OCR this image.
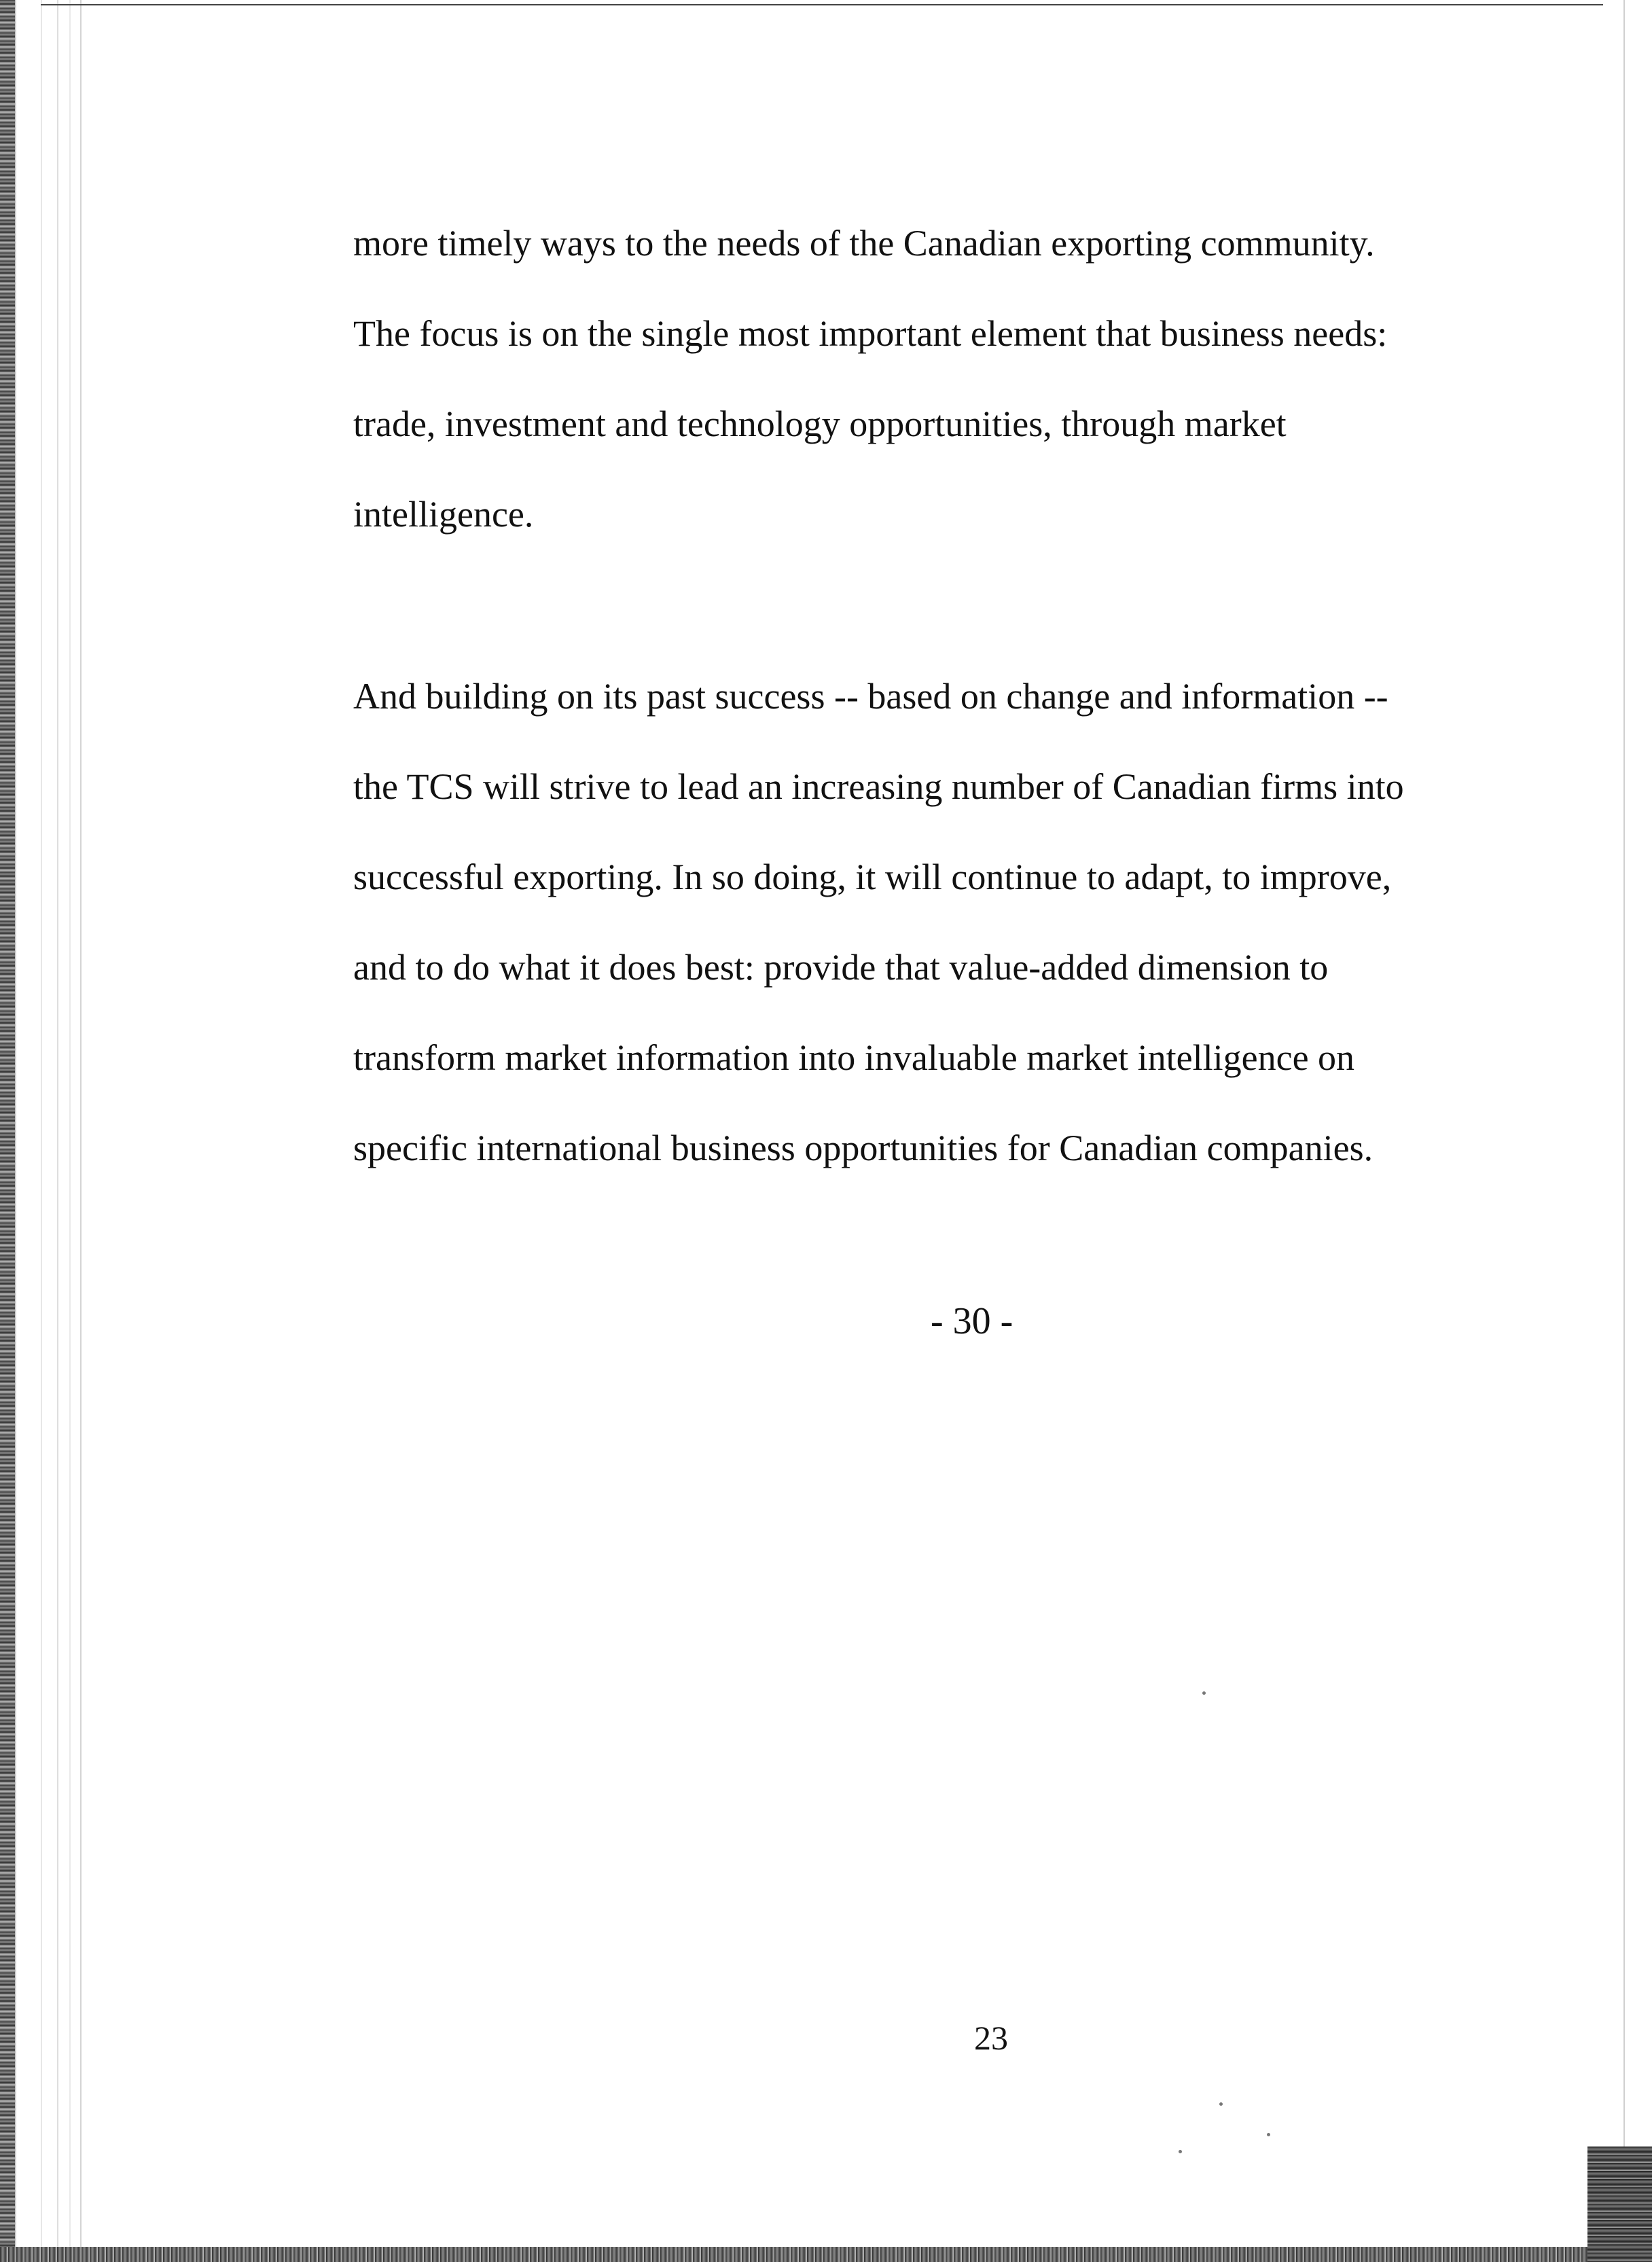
more timely ways to the needs of the Canadian exporting community.
The focus is on the single most important element that business needs:
trade, investment and technology opportunities, through market
intelligence.
And building on its past success -- based on change and information --
the TCS will strive to lead an increasing number of Canadian firms into
successful exporting. In so doing, it will continue to adapt, to improve,
and to do what it does best: provide that value-added dimension to
transform market information into invaluable market intelligence on
specific international business opportunities for Canadian companies.
- 30 -
23
